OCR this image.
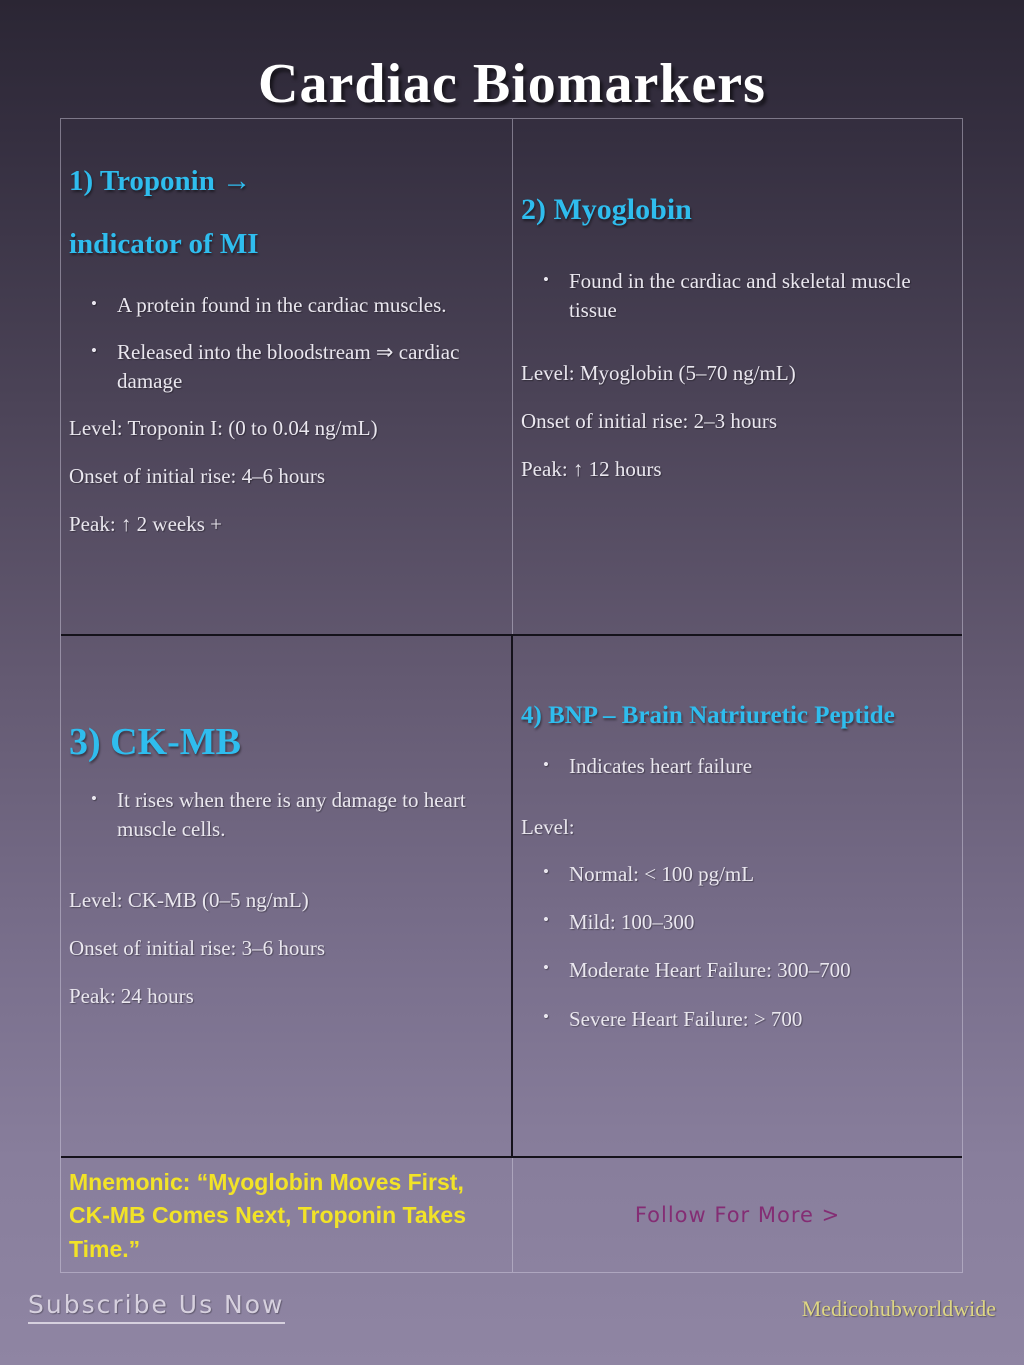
Cardiac Biomarkers
1) Troponin →
indicator of MI
• A protein found in the cardiac muscles.
• Released into the bloodstream ⇒ cardiac damage

Level: Troponin I: (0 to 0.04 ng/mL)

Onset of initial rise: 4–6 hours

Peak: ↑ 2 weeks +

2) Myoglobin
• Found in the cardiac and skeletal muscle tissue

Level: Myoglobin (5–70 ng/mL)

Onset of initial rise: 2–3 hours

Peak: ↑ 12 hours

3) CK-MB
• It rises when there is any damage to heart muscle cells.

Level: CK-MB (0–5 ng/mL)

Onset of initial rise: 3–6 hours

Peak: 24 hours

4) BNP – Brain Natriuretic Peptide
• Indicates heart failure

Level:

• Normal: < 100 pg/mL
• Mild: 100–300
• Moderate Heart Failure: 300–700
• Severe Heart Failure: > 700
Mnemonic: “Myoglobin Moves First, CK-MB Comes Next, Troponin Takes Time.”
Follow For More >
Subscribe Us Now	Medicohubworldwide
